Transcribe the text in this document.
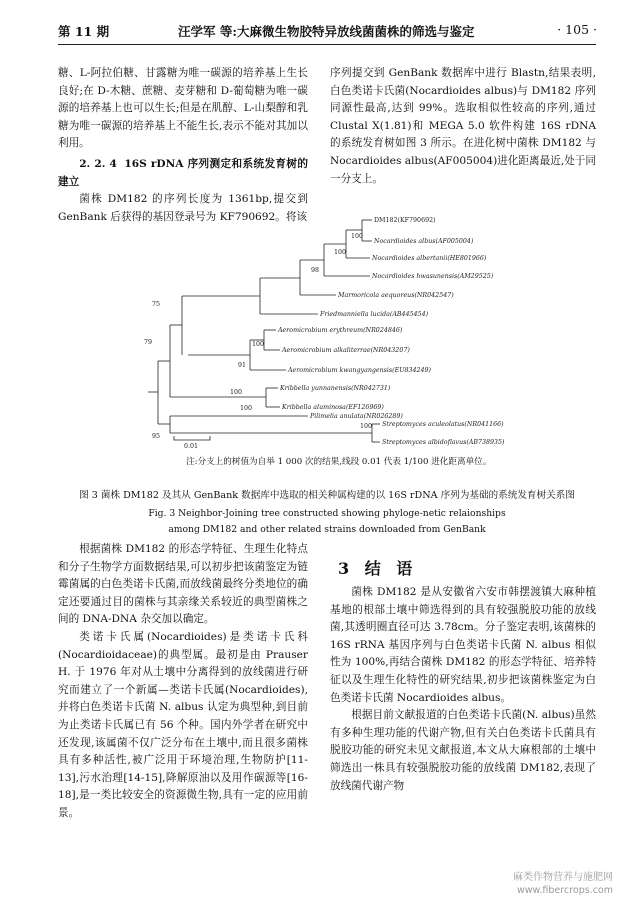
第 11 期	汪学军 等:大麻微生物胶特异放线菌菌株的筛选与鉴定	· 105 ·

糖、L-阿拉伯糖、甘露糖为唯一碳源的培养基上生长良好;在 D-木糖、蔗糖、麦芽糖和 D-葡萄糖为唯一碳源的培养基上也可以生长;但是在肌醇、L-山梨醇和乳糖为唯一碳源的培养基上不能生长,表示不能对其加以利用。

2. 2. 4 16S rDNA 序列测定和系统发育树的建立

菌株 DM182 的序列长度为 1361bp,提交到 GenBank 后获得的基因登录号为 KF790692。将该

序列提交到 GenBank 数据库中进行 Blastn,结果表明,白色类诺卡氏菌(Nocardioides albus)与 DM182 序列同源性最高,达到 99%。选取相似性较高的序列,通过 Clustal X(1.81)和 MEGA 5.0 软件构建 16S rDNA 的系统发育树如图 3 所示。在进化树中菌株 DM182 与 Nocardioides albus(AF005004)进化距离最近,处于同一分支上。

DM182(KF790692)
Nocardioides albus(AF005004)
Nocardioides albertanii(HE801966)
Nocardioides hwasunensis(AM29525)
Marmoricola aequoreus(NR042547)
Friedmanniella lucida(AB445454)
Aeromicrobium erythreum(NR024846)
Aeromicrobium alkaliterrae(NR043207)
Aeromicrobium kwangyangensis(EU834249)
Kribbella yunnanensis(NR042731)
Kribbella aluminosa(EF126969)
Pilimelia anulata(NR026289)
Streptomyces aculeolatus(NR041166)
Streptomyces albidoflavus(AB738935)
100
100
98
75
79	100
91
100
100
95
100
0.01
注:分支上的树值为自举 1 000 次的结果,线段 0.01 代表 1/100 进化距离单位。
图 3 菌株 DM182 及其从 GenBank 数据库中选取的相关种属构建的以 16S rDNA 序列为基础的系统发育树关系图
Fig. 3 Neighbor-Joining tree constructed showing phyloge-netic relaionships
among DM182 and other related strains downloaded from GenBank

根据菌株 DM182 的形态学特征、生理生化特点和分子生物学方面数据结果,可以初步把该菌鉴定为链霉菌属的白色类诺卡氏菌,而放线菌最终分类地位的确定还要通过目的菌株与其亲缘关系较近的典型菌株之间的 DNA-DNA 杂交加以确定。

类诺卡氏属(Nocardioides)是类诺卡氏科(Nocardioidaceae)的典型属。最初是由 Prauser H. 于 1976 年对从土壤中分离得到的放线菌进行研究而建立了一个新属—类诺卡氏属(Nocardioides),并将白色类诺卡氏菌 N. albus 认定为典型种,到目前为止类诺卡氏属已有 56 个种。国内外学者在研究中还发现,该属菌不仅广泛分布在土壤中,而且很多菌株具有多种活性,被广泛用于环境治理,生物防护[11-13],污水治理[14-15],降解原油以及用作碳源等[16-18],是一类比较安全的资源微生物,具有一定的应用前景。

3 结 语

菌株 DM182 是从安徽省六安市韩摆渡镇大麻种植基地的根部土壤中筛选得到的具有较强脱胶功能的放线菌,其透明圈直径可达 3.78cm。分子鉴定表明,该菌株的 16S rRNA 基因序列与白色类诺卡氏菌 N. albus 相似性为 100%,再结合菌株 DM182 的形态学特征、培养特征以及生理生化特性的研究结果,初步把该菌株鉴定为白色类诺卡氏菌 Nocardioides albus。

根据目前文献报道的白色类诺卡氏菌(N. albus)虽然有多种生理功能的代谢产物,但有关白色类诺卡氏菌具有脱胶功能的研究未见文献报道,本文从大麻根部的土壤中筛选出一株具有较强脱胶功能的放线菌 DM182,表现了放线菌代谢产物

麻类作物营养与施肥网
www.fibercrops.com
